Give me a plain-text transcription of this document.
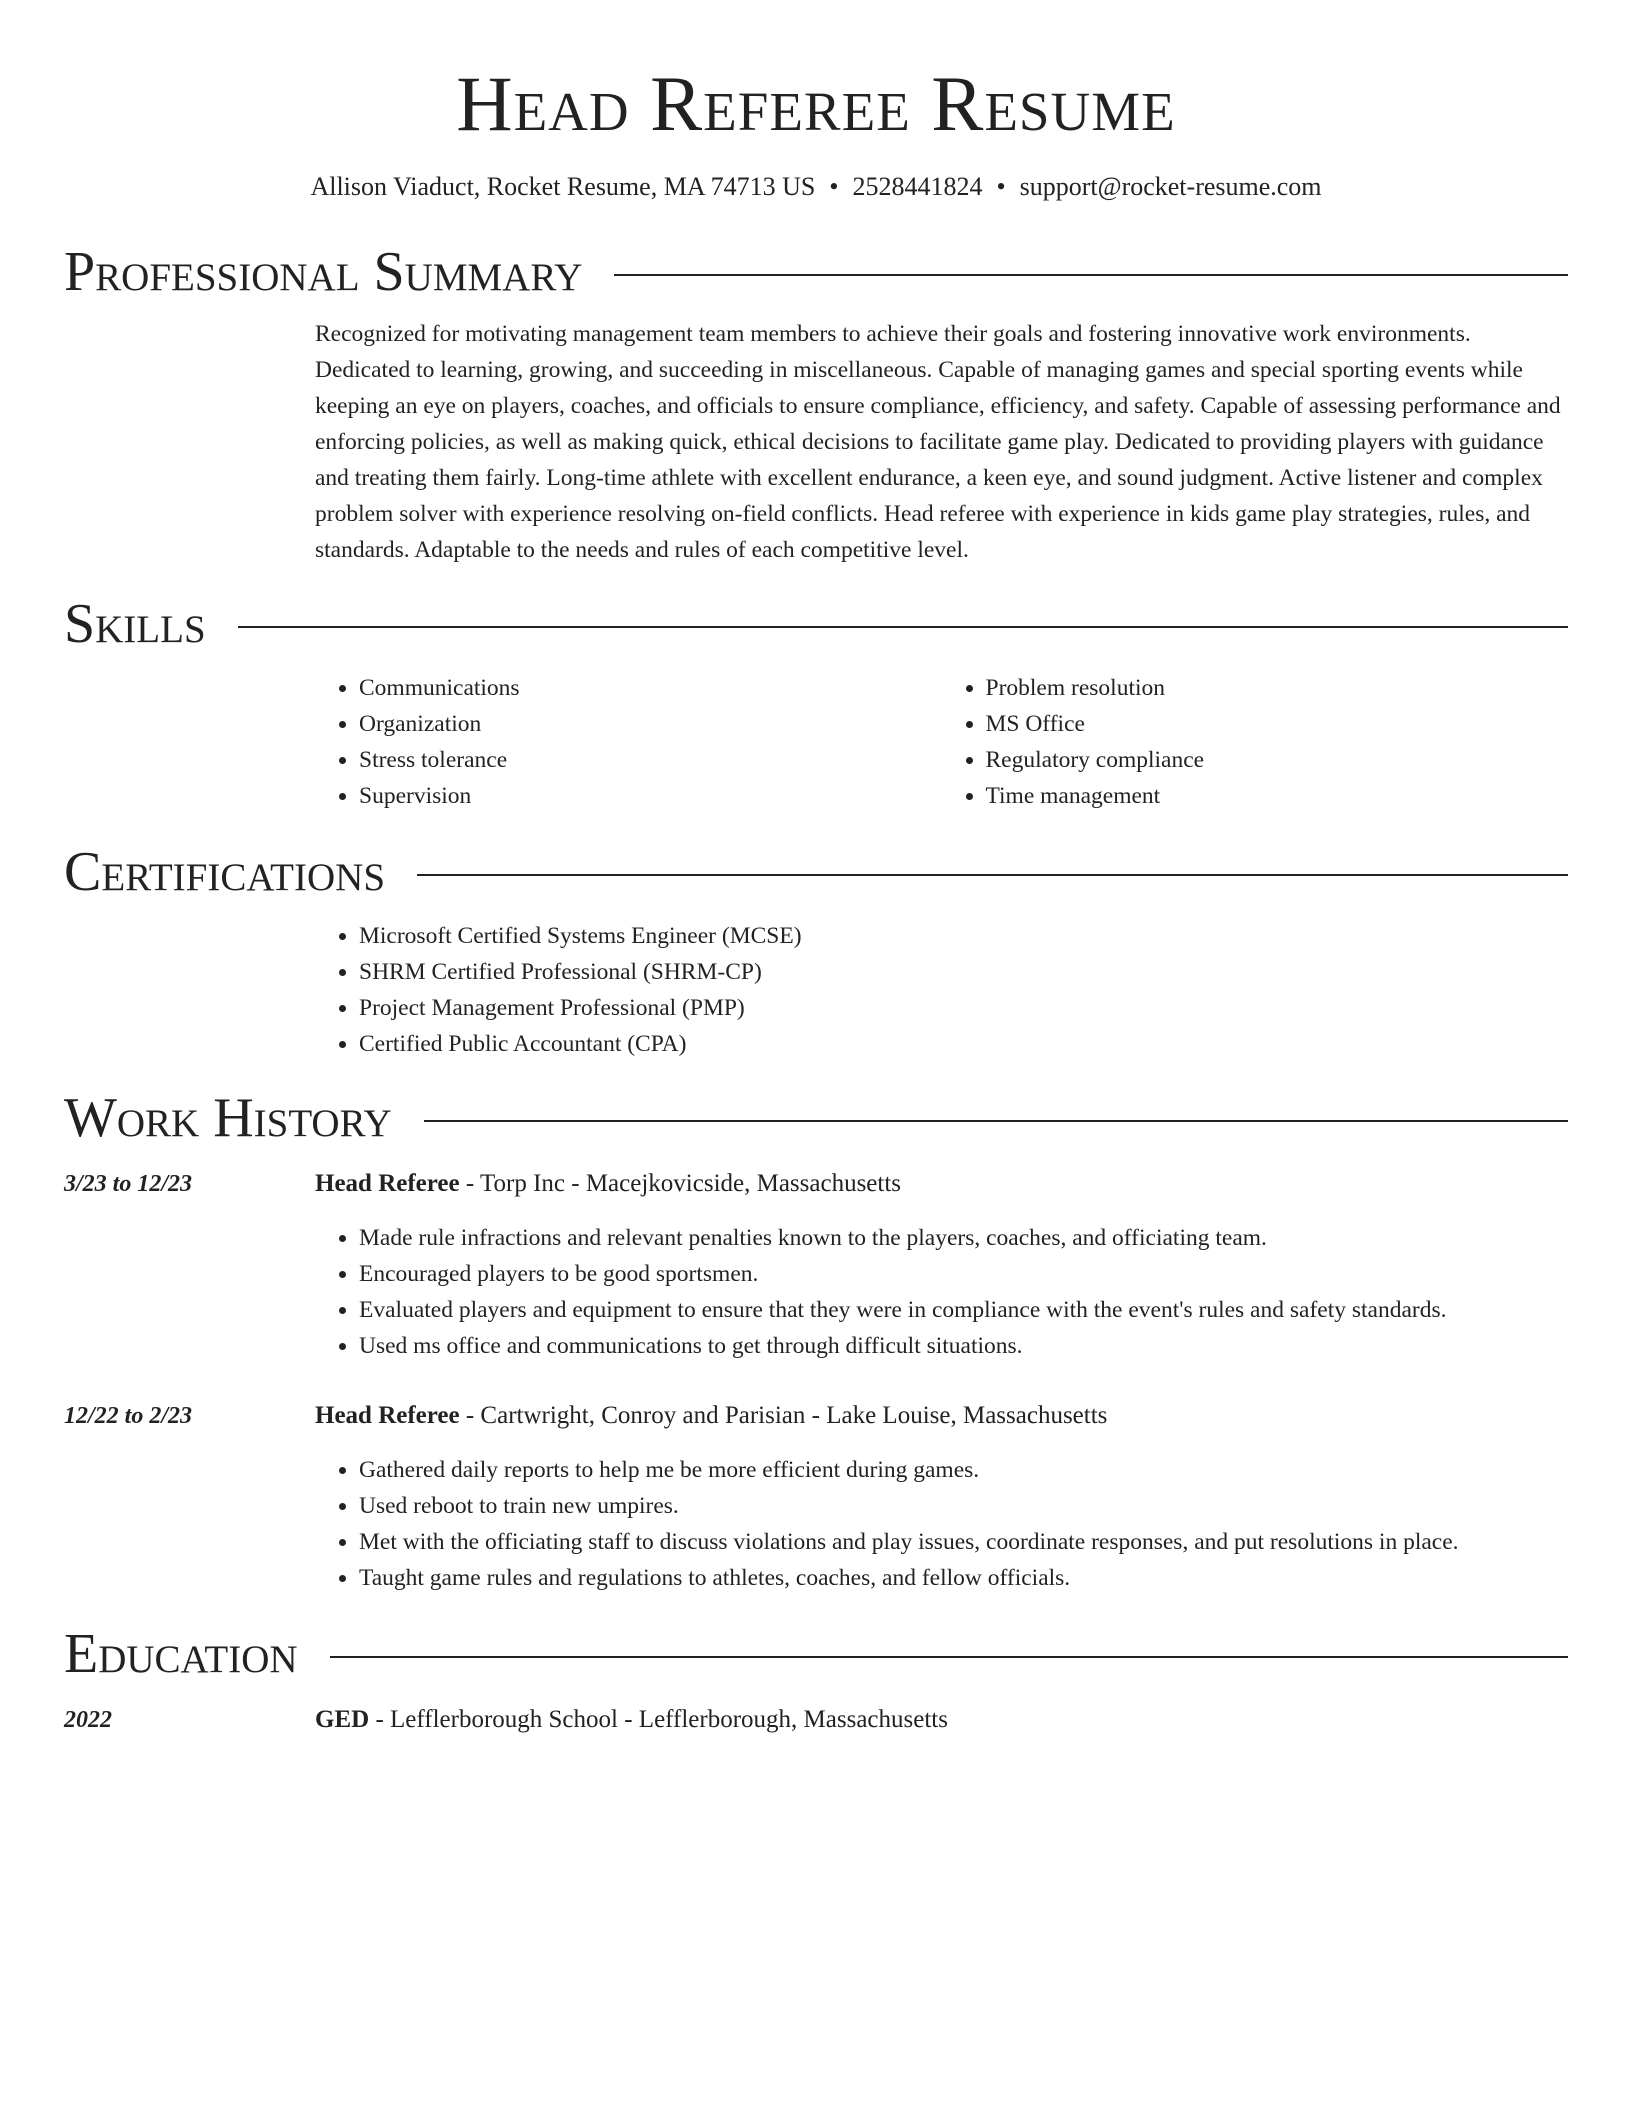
Head Referee Resume
Allison Viaduct, Rocket Resume, MA 74713 US • 2528441824 • support@rocket-resume.com
Professional Summary

Recognized for motivating management team members to achieve their goals and fostering innovative work environments. Dedicated to learning, growing, and succeeding in miscellaneous. Capable of managing games and special sporting events while keeping an eye on players, coaches, and officials to ensure compliance, efficiency, and safety. Capable of assessing performance and enforcing policies, as well as making quick, ethical decisions to facilitate game play. Dedicated to providing players with guidance and treating them fairly. Long-time athlete with excellent endurance, a keen eye, and sound judgment. Active listener and complex problem solver with experience resolving on-field conflicts. Head referee with experience in kids game play strategies, rules, and standards. Adaptable to the needs and rules of each competitive level.

Skills
• Communications
• Organization
• Stress tolerance
• Supervision
• Problem resolution
• MS Office
• Regulatory compliance
• Time management
Certifications
• Microsoft Certified Systems Engineer (MCSE)
• SHRM Certified Professional (SHRM-CP)
• Project Management Professional (PMP)
• Certified Public Accountant (CPA)
Work History
3/23 to 12/23	Head Referee - Torp Inc - Macejkovicside, Massachusetts
• Made rule infractions and relevant penalties known to the players, coaches, and officiating team.
• Encouraged players to be good sportsmen.
• Evaluated players and equipment to ensure that they were in compliance with the event's rules and safety standards.
• Used ms office and communications to get through difficult situations.
12/22 to 2/23	Head Referee - Cartwright, Conroy and Parisian - Lake Louise, Massachusetts
• Gathered daily reports to help me be more efficient during games.
• Used reboot to train new umpires.
• Met with the officiating staff to discuss violations and play issues, coordinate responses, and put resolutions in place.
• Taught game rules and regulations to athletes, coaches, and fellow officials.
Education
2022	GED - Lefflerborough School - Lefflerborough, Massachusetts
